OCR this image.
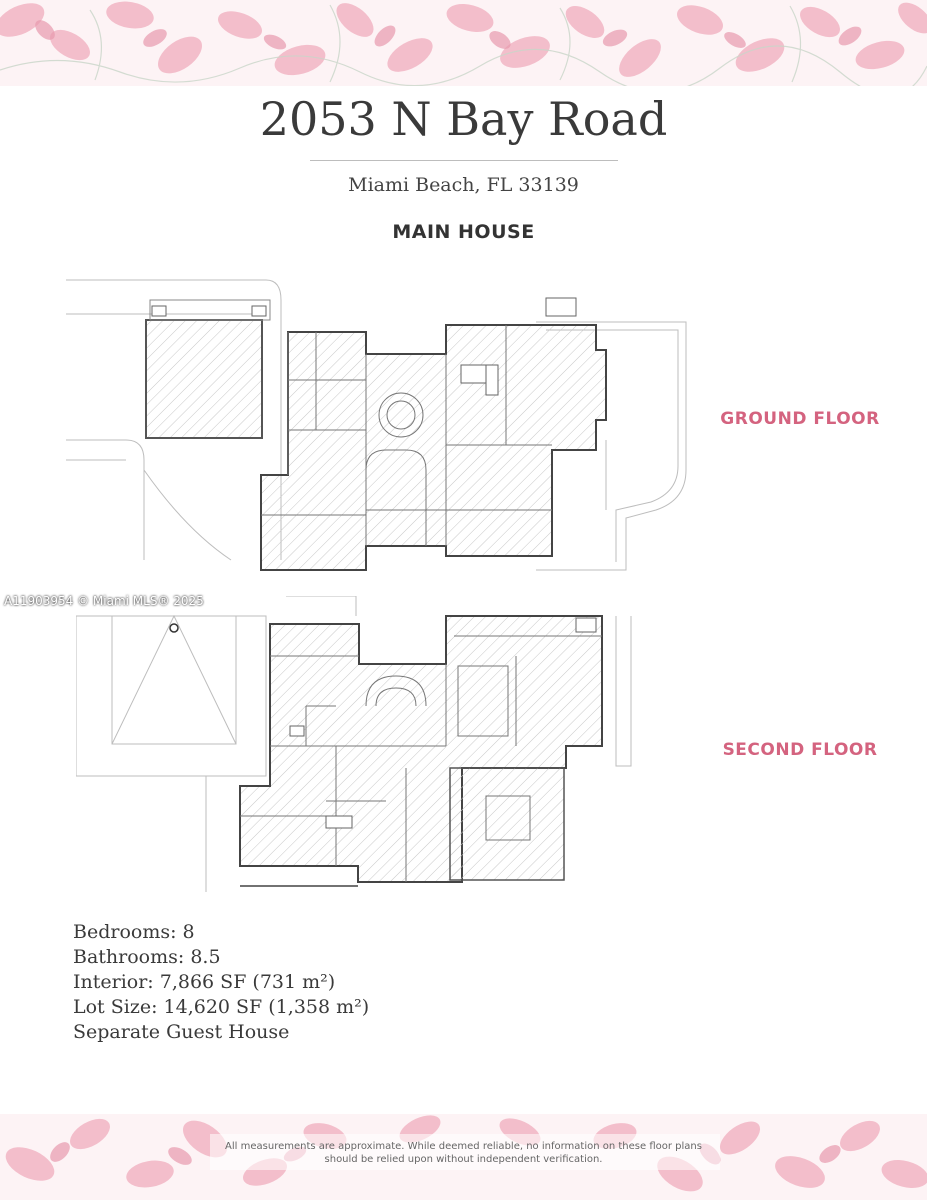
2053 N Bay Road
Miami Beach, FL 33139
MAIN HOUSE
GROUND FLOOR
A11903954 © Miami MLS® 2025
SECOND FLOOR
Bedrooms: 8
Bathrooms: 8.5
Interior: 7,866 SF (731 m²)
Lot Size: 14,620 SF (1,358 m²)
Separate Guest House
All measurements are approximate. While deemed reliable, no information on these floor plans
should be relied upon without independent verification.
